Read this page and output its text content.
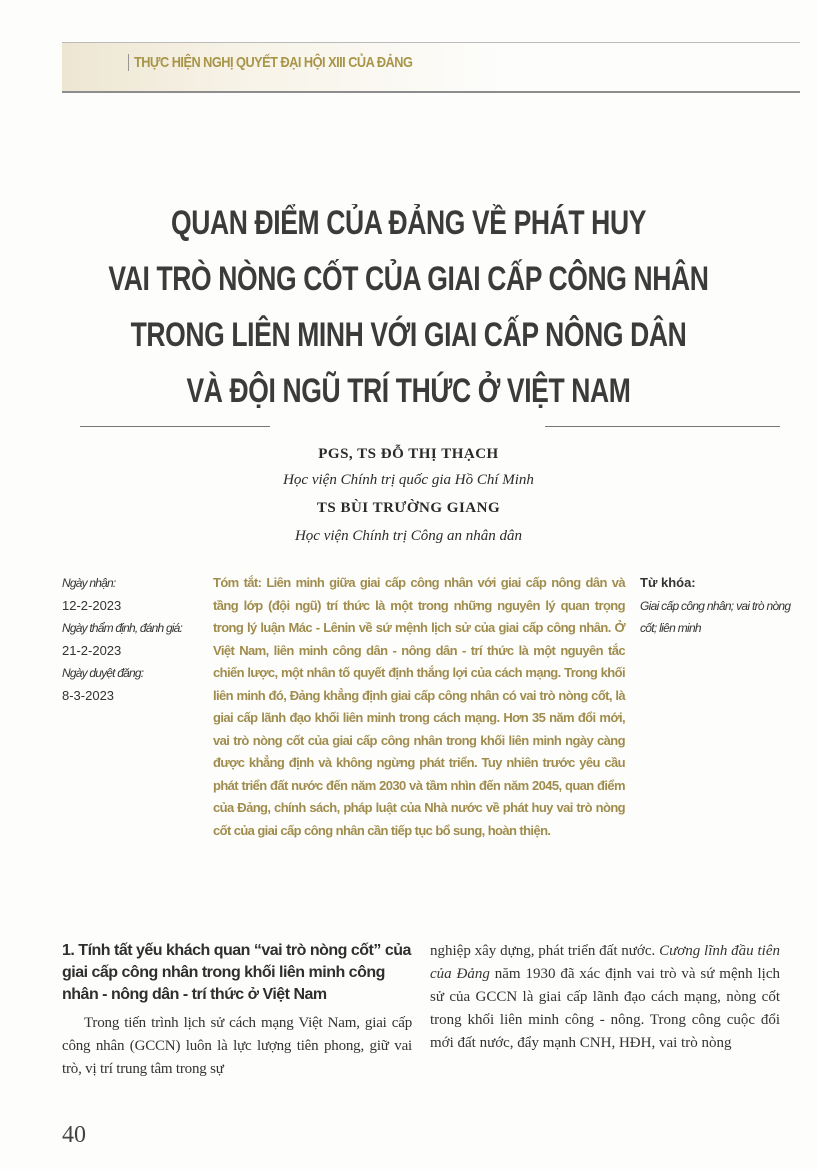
THỰC HIỆN NGHỊ QUYẾT ĐẠI HỘI XIII CỦA ĐẢNG
QUAN ĐIỂM CỦA ĐẢNG VỀ PHÁT HUY
VAI TRÒ NÒNG CỐT CỦA GIAI CẤP CÔNG NHÂN
TRONG LIÊN MINH VỚI GIAI CẤP NÔNG DÂN
VÀ ĐỘI NGŨ TRÍ THỨC Ở VIỆT NAM
PGS, TS ĐỖ THỊ THẠCH
Học viện Chính trị quốc gia Hồ Chí Minh
TS BÙI TRƯỜNG GIANG
Học viện Chính trị Công an nhân dân
Ngày nhận:
12-2-2023
Ngày thẩm định, đánh giá:
21-2-2023
Ngày duyệt đăng:
8-3-2023
Tóm tắt: Liên minh giữa giai cấp công nhân với giai cấp nông dân và tầng lớp (đội ngũ) trí thức là một trong những nguyên lý quan trọng trong lý luận Mác - Lênin về sứ mệnh lịch sử của giai cấp công nhân. Ở Việt Nam, liên minh công dân - nông dân - trí thức là một nguyên tắc chiến lược, một nhân tố quyết định thắng lợi của cách mạng. Trong khối liên minh đó, Đảng khẳng định giai cấp công nhân có vai trò nòng cốt, là giai cấp lãnh đạo khối liên minh trong cách mạng. Hơn 35 năm đổi mới, vai trò nòng cốt của giai cấp công nhân trong khối liên minh ngày càng được khẳng định và không ngừng phát triển. Tuy nhiên trước yêu cầu phát triển đất nước đến năm 2030 và tầm nhìn đến năm 2045, quan điểm của Đảng, chính sách, pháp luật của Nhà nước về phát huy vai trò nòng cốt của giai cấp công nhân cần tiếp tục bổ sung, hoàn thiện.
Từ khóa:
Giai cấp công nhân; vai trò nòng cốt; liên minh
1. Tính tất yếu khách quan “vai trò nòng cốt” của giai cấp công nhân trong khối liên minh công nhân - nông dân - trí thức ở Việt Nam
Trong tiến trình lịch sử cách mạng Việt Nam, giai cấp công nhân (GCCN) luôn là lực lượng tiên phong, giữ vai trò, vị trí trung tâm trong sự
nghiệp xây dựng, phát triển đất nước. Cương lĩnh đầu tiên của Đảng năm 1930 đã xác định vai trò và sứ mệnh lịch sử của GCCN là giai cấp lãnh đạo cách mạng, nòng cốt trong khối liên minh công - nông. Trong công cuộc đổi mới đất nước, đẩy mạnh CNH, HĐH, vai trò nòng
40
